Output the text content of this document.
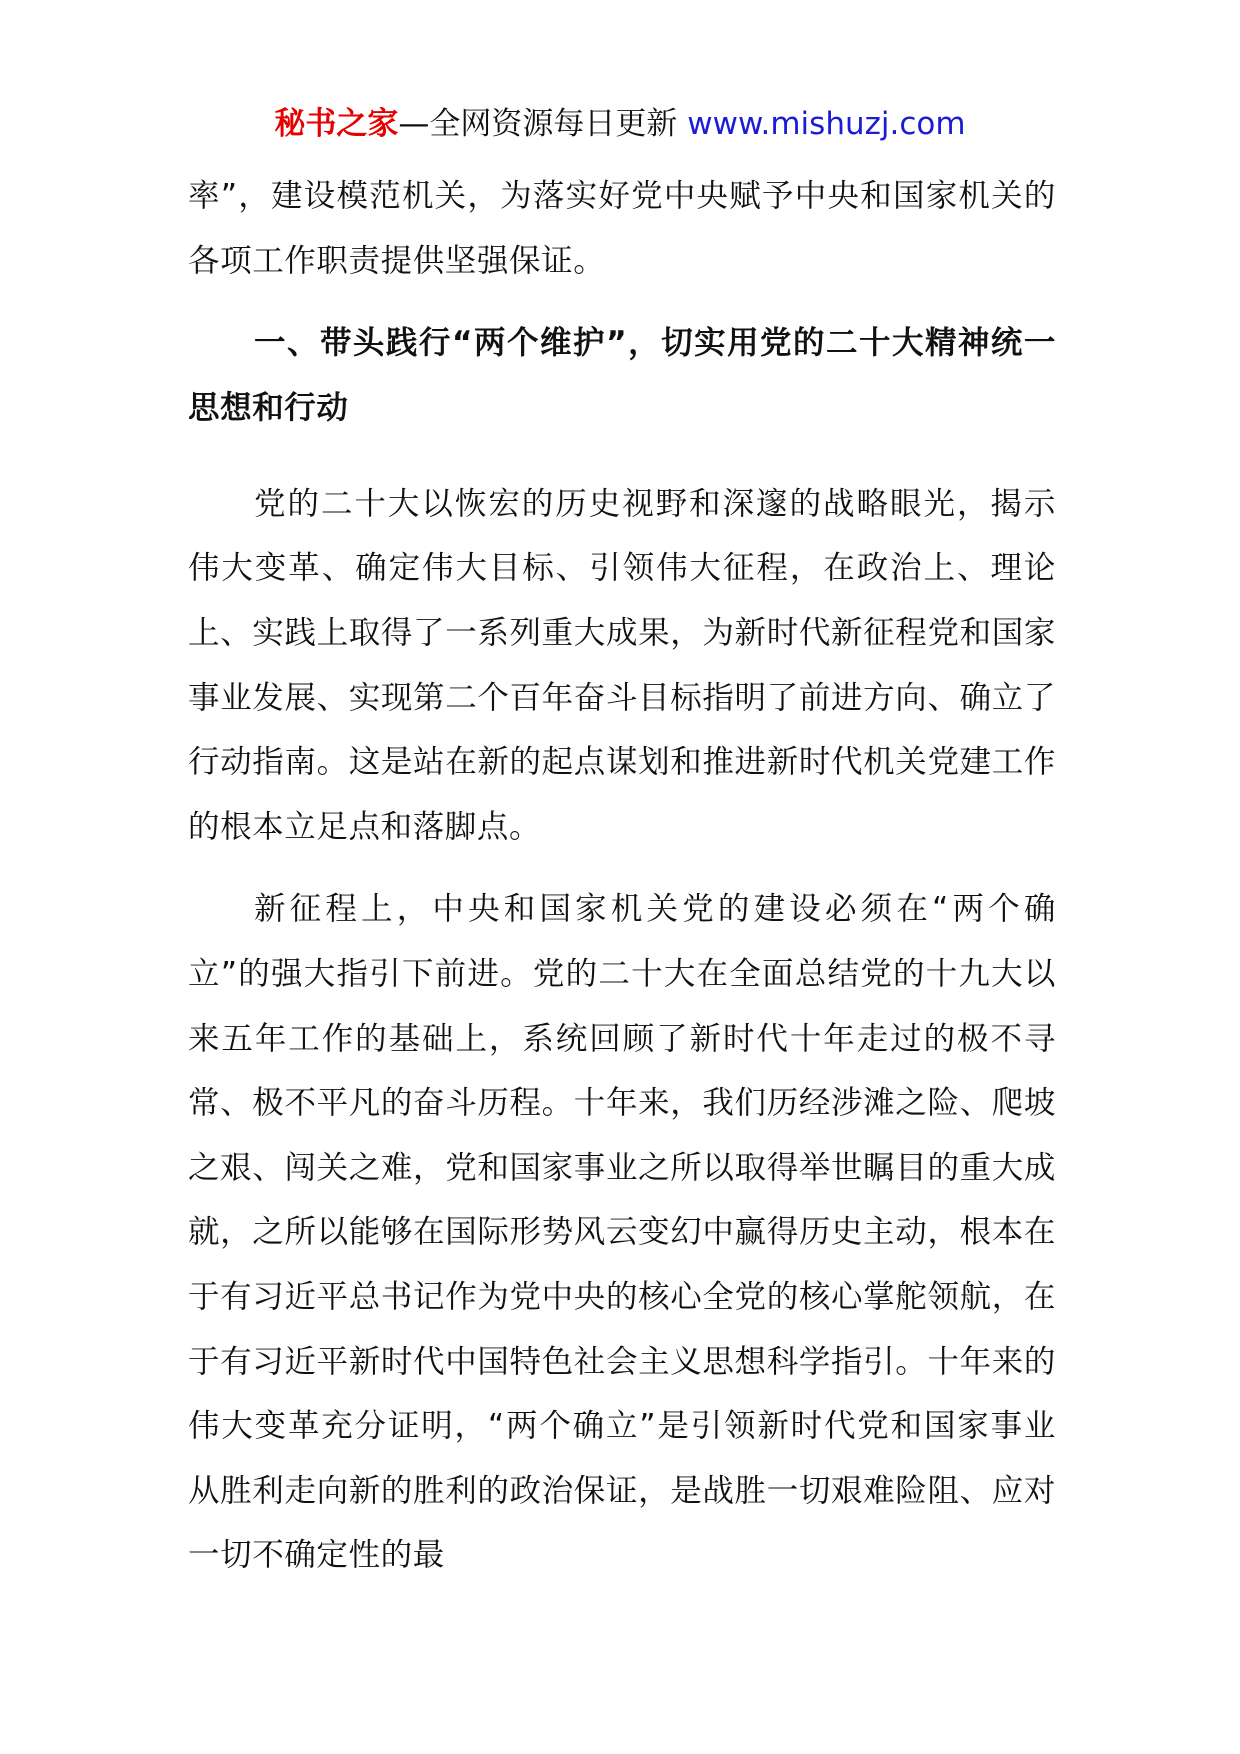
秘书之家—全网资源每日更新 www.mishuzj.com

率”，建设模范机关，为落实好党中央赋予中央和国家机关的各项工作职责提供坚强保证。

一、带头践行“两个维护”，切实用党的二十大精神统一思想和行动

党的二十大以恢宏的历史视野和深邃的战略眼光，揭示伟大变革、确定伟大目标、引领伟大征程，在政治上、理论上、实践上取得了一系列重大成果，为新时代新征程党和国家事业发展、实现第二个百年奋斗目标指明了前进方向、确立了行动指南。这是站在新的起点谋划和推进新时代机关党建工作的根本立足点和落脚点。

新征程上，中央和国家机关党的建设必须在“两个确立”的强大指引下前进。党的二十大在全面总结党的十九大以来五年工作的基础上，系统回顾了新时代十年走过的极不寻常、极不平凡的奋斗历程。十年来，我们历经涉滩之险、爬坡之艰、闯关之难，党和国家事业之所以取得举世瞩目的重大成就，之所以能够在国际形势风云变幻中赢得历史主动，根本在于有习近平总书记作为党中央的核心全党的核心掌舵领航，在于有习近平新时代中国特色社会主义思想科学指引。十年来的伟大变革充分证明，“两个确立”是引领新时代党和国家事业从胜利走向新的胜利的政治保证，是战胜一切艰难险阻、应对一切不确定性的最
